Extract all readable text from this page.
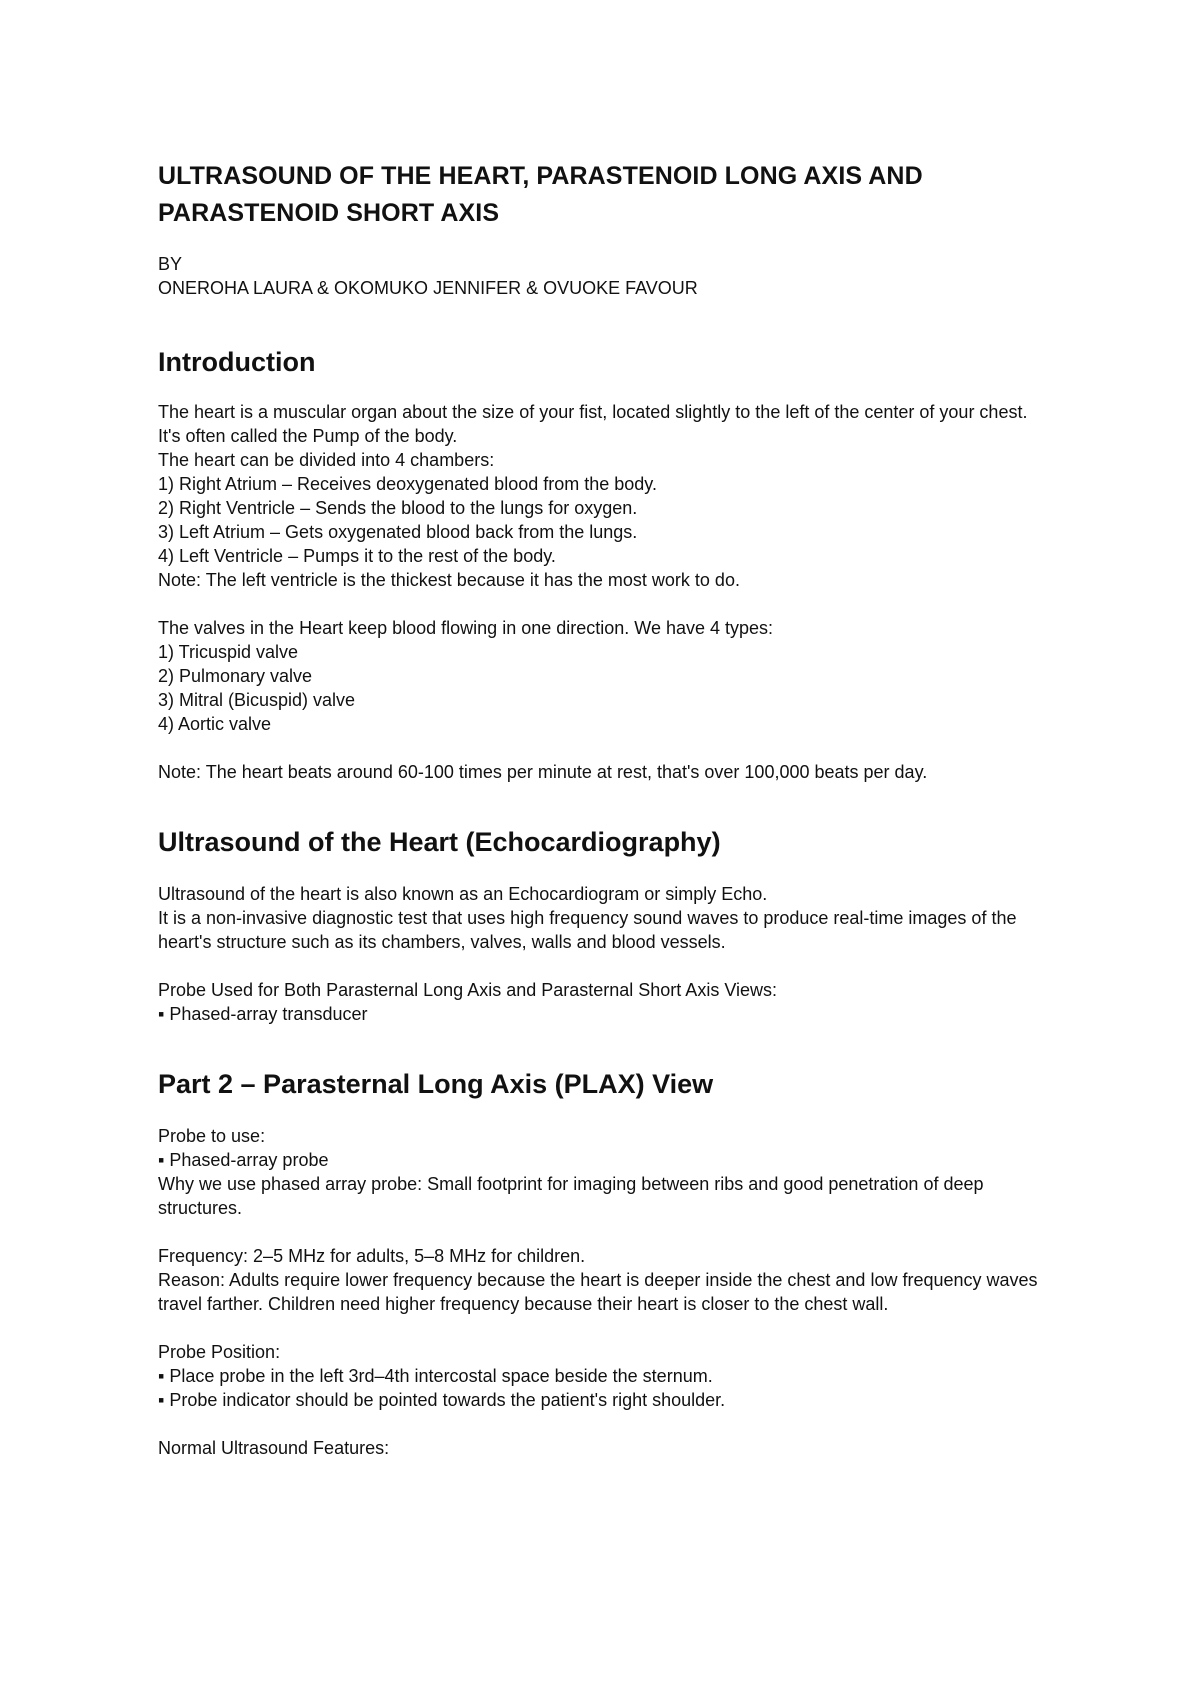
ULTRASOUND OF THE HEART, PARASTENOID LONG AXIS AND PARASTENOID SHORT AXIS

BY

ONEROHA LAURA & OKOMUKO JENNIFER & OVUOKE FAVOUR

Introduction

The heart is a muscular organ about the size of your fist, located slightly to the left of the center of your chest. It's often called the Pump of the body.

The heart can be divided into 4 chambers:

1) Right Atrium – Receives deoxygenated blood from the body.

2) Right Ventricle – Sends the blood to the lungs for oxygen.

3) Left Atrium – Gets oxygenated blood back from the lungs.

4) Left Ventricle – Pumps it to the rest of the body.

Note: The left ventricle is the thickest because it has the most work to do.

The valves in the Heart keep blood flowing in one direction. We have 4 types:

1) Tricuspid valve

2) Pulmonary valve

3) Mitral (Bicuspid) valve

4) Aortic valve

Note: The heart beats around 60-100 times per minute at rest, that's over 100,000 beats per day.

Ultrasound of the Heart (Echocardiography)

Ultrasound of the heart is also known as an Echocardiogram or simply Echo.

It is a non-invasive diagnostic test that uses high frequency sound waves to produce real-time images of the heart's structure such as its chambers, valves, walls and blood vessels.

Probe Used for Both Parasternal Long Axis and Parasternal Short Axis Views:

▪ Phased-array transducer

Part 2 – Parasternal Long Axis (PLAX) View

Probe to use:

▪ Phased-array probe

Why we use phased array probe: Small footprint for imaging between ribs and good penetration of deep structures.

Frequency: 2–5 MHz for adults, 5–8 MHz for children.

Reason: Adults require lower frequency because the heart is deeper inside the chest and low frequency waves travel farther. Children need higher frequency because their heart is closer to the chest wall.

Probe Position:

▪ Place probe in the left 3rd–4th intercostal space beside the sternum.

▪ Probe indicator should be pointed towards the patient's right shoulder.

Normal Ultrasound Features:
